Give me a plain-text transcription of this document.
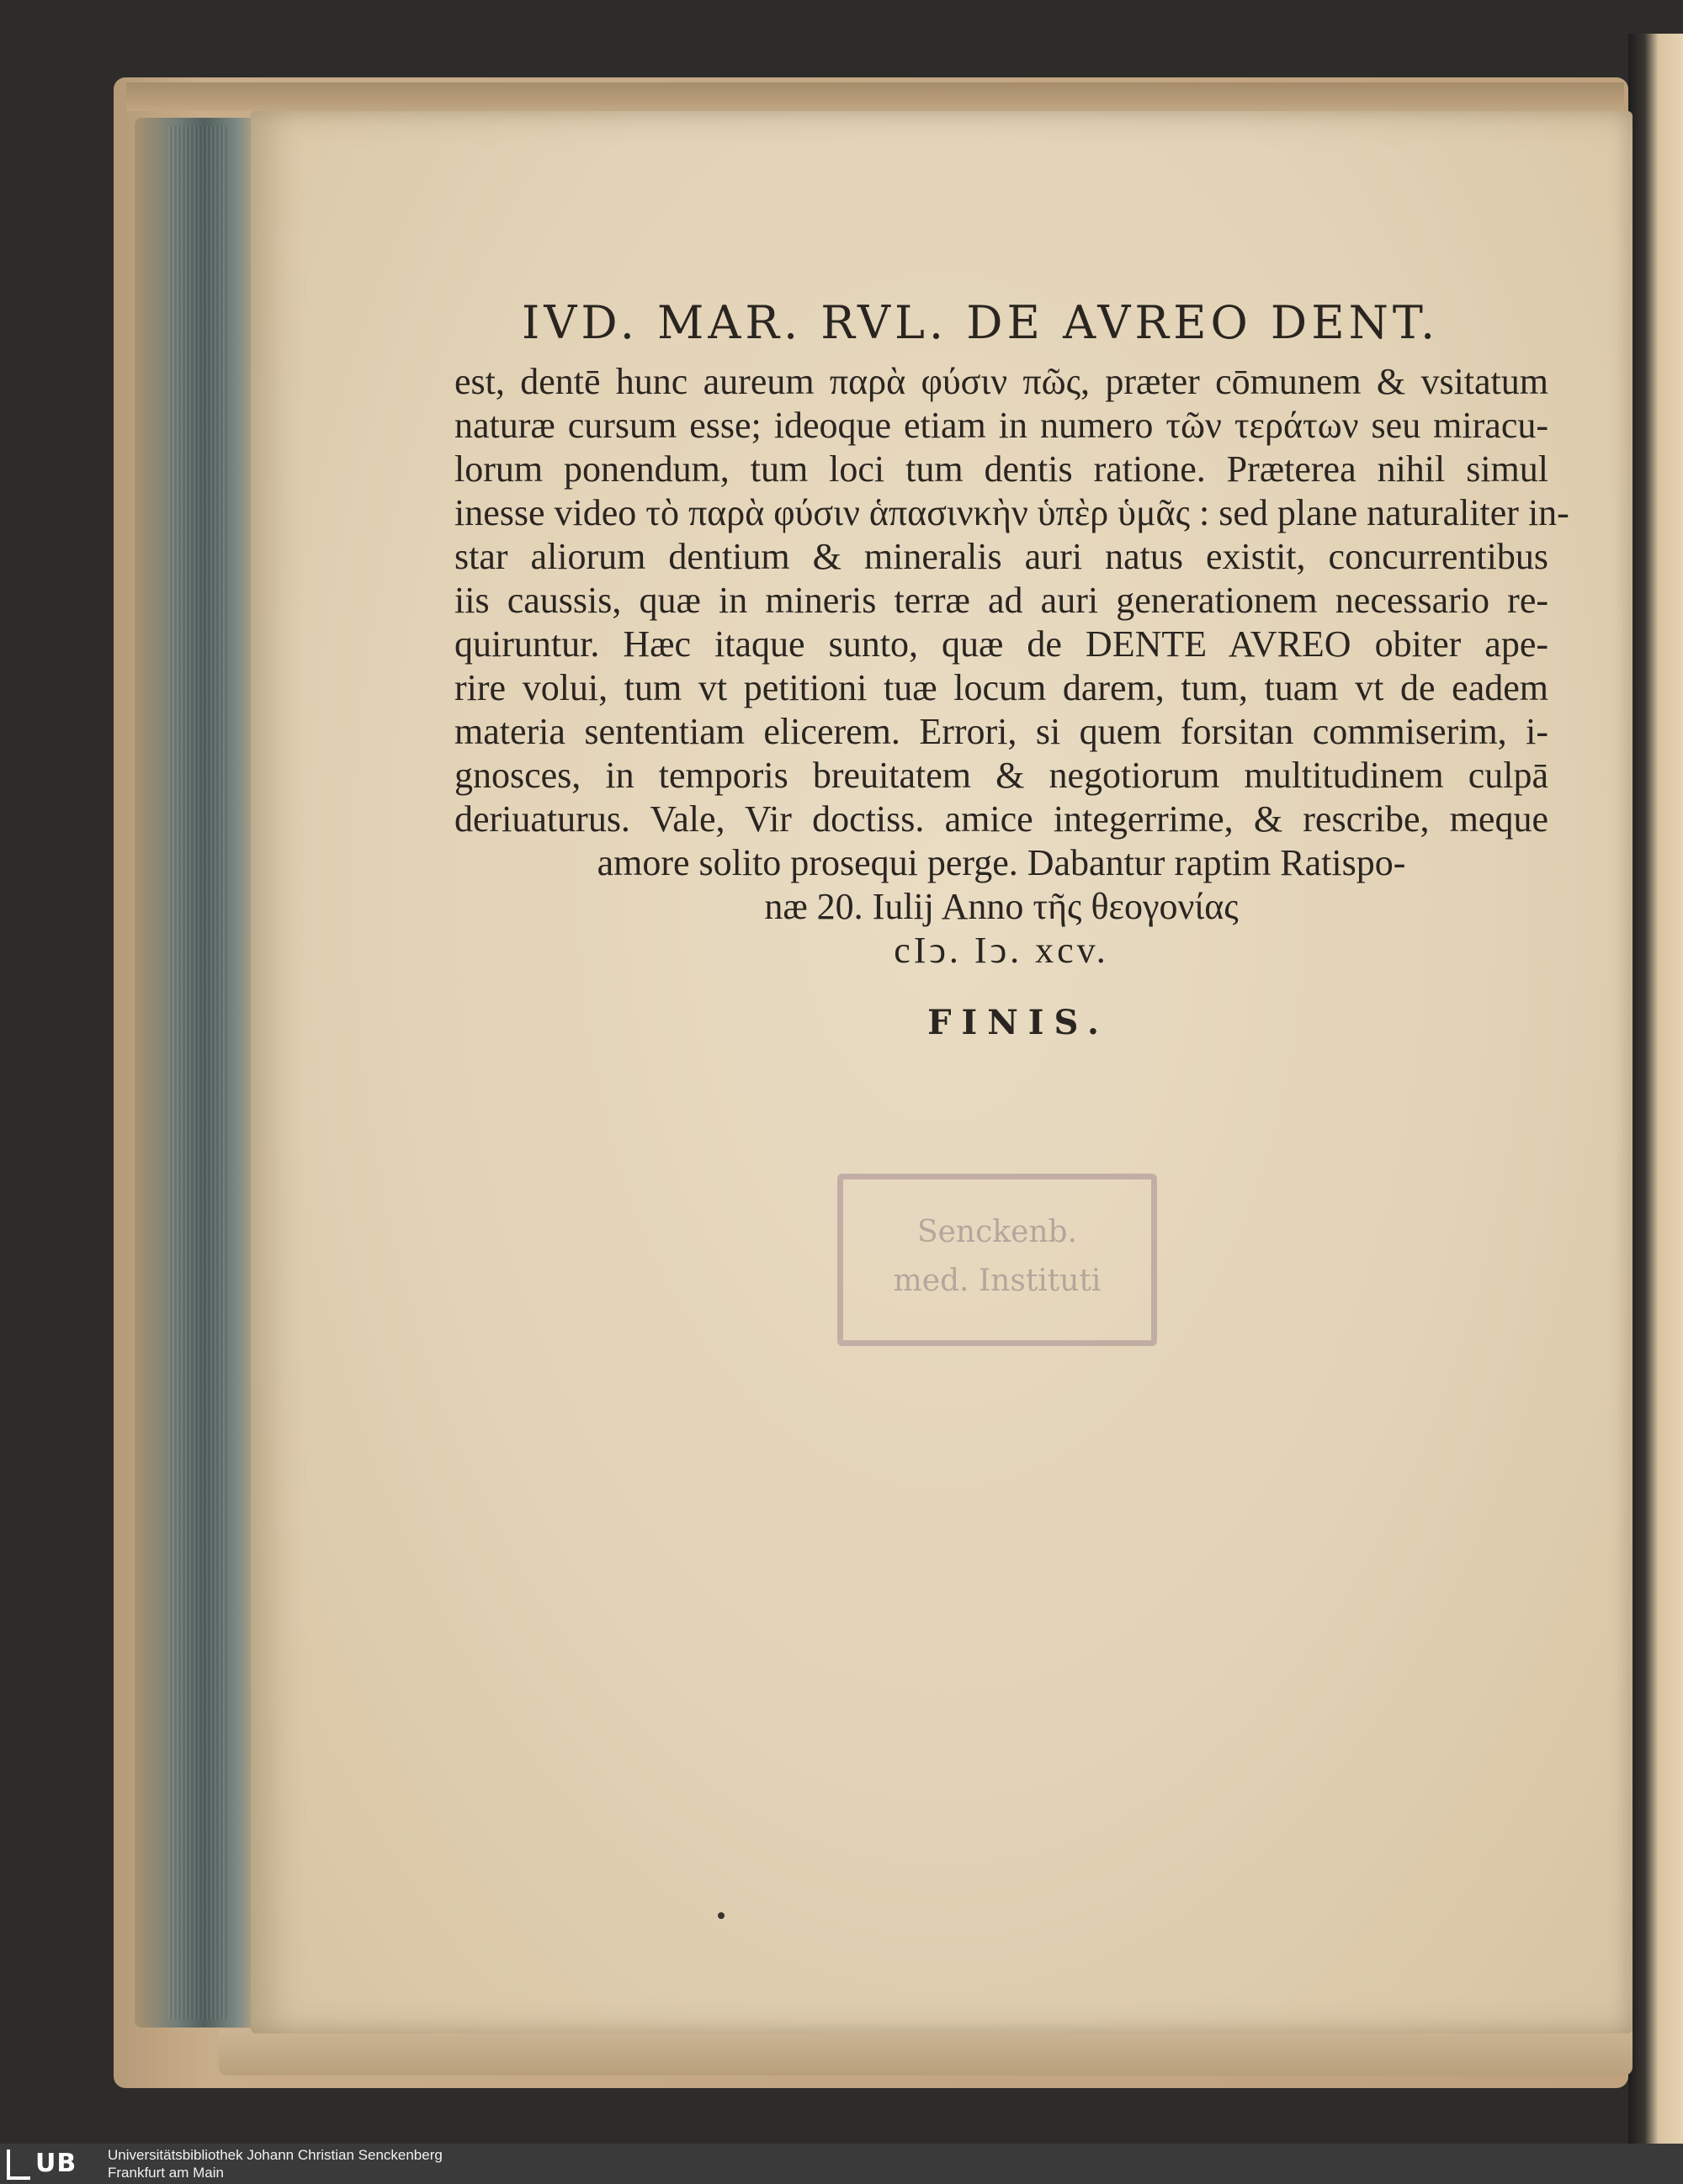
IVD. MAR. RVL. DE AVREO DENT.
est, dentē hunc aureum παρὰ φύσιν πῶς, præter cōmunem & vsitatum
naturæ cursum esse; ideoque etiam in numero τῶν τεράτων seu miracu-
lorum ponendum, tum loci tum dentis ratione. Præterea nihil simul
inesse video τὸ παρὰ φύσιν ἁπασινκὴν ὑπὲρ ὑμᾶς : sed plane naturaliter in-
star aliorum dentium & mineralis auri natus existit, concurrentibus
iis caussis, quæ in mineris terræ ad auri generationem necessario re-
quiruntur. Hæc itaque sunto, quæ de DENTE AVREO obiter ape-
rire volui, tum vt petitioni tuæ locum darem, tum, tuam vt de eadem
materia sententiam elicerem. Errori, si quem forsitan commiserim, i-
gnosces, in temporis breuitatem & negotiorum multitudinem culpā
deriuaturus. Vale, Vir doctiss. amice integerrime, & rescribe, meque
amore solito prosequi perge. Dabantur raptim Ratispo-
næ 20. Iulij Anno τῆς θεογονίας
cIↄ. Iↄ. xcv.
FINIS.
Senckenb.
med. Instituti
UB	Universitätsbibliothek Johann Christian Senckenberg
Frankfurt am Main
